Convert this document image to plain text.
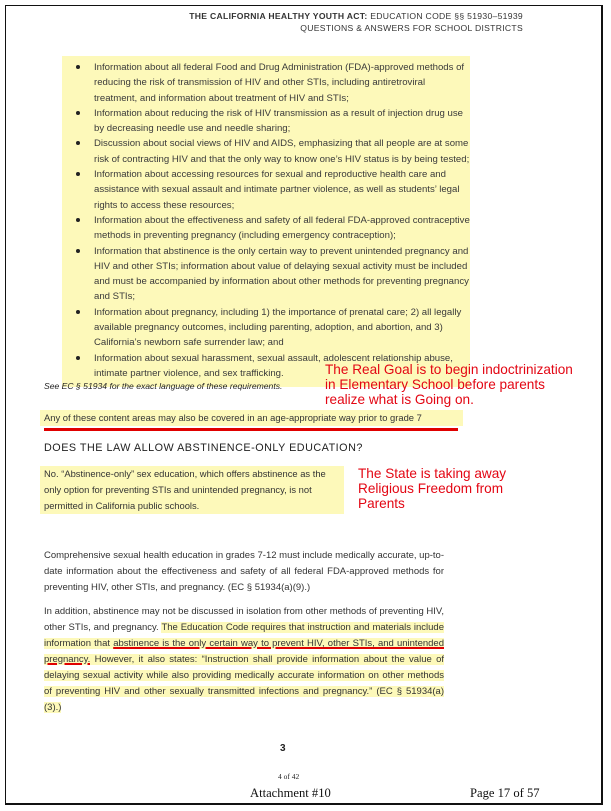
THE CALIFORNIA HEALTHY YOUTH ACT: EDUCATION CODE §§ 51930–51939
QUESTIONS & ANSWERS FOR SCHOOL DISTRICTS
Information about all federal Food and Drug Administration (FDA)-approved methods of reducing the risk of transmission of HIV and other STIs, including antiretroviral treatment, and information about treatment of HIV and STIs;
Information about reducing the risk of HIV transmission as a result of injection drug use by decreasing needle use and needle sharing;
Discussion about social views of HIV and AIDS, emphasizing that all people are at some risk of contracting HIV and that the only way to know one’s HIV status is by being tested;
Information about accessing resources for sexual and reproductive health care and assistance with sexual assault and intimate partner violence, as well as students’ legal rights to access these resources;
Information about the effectiveness and safety of all federal FDA-approved contraceptive methods in preventing pregnancy (including emergency contraception);
Information that abstinence is the only certain way to prevent unintended pregnancy and HIV and other STIs; information about value of delaying sexual activity must be included and must be accompanied by information about other methods for preventing pregnancy and STIs;
Information about pregnancy, including 1) the importance of prenatal care; 2) all legally available pregnancy outcomes, including parenting, adoption, and abortion, and 3) California’s newborn safe surrender law; and
Information about sexual harassment, sexual assault, adolescent relationship abuse, intimate partner violence, and sex trafficking.
See EC § 51934 for the exact language of these requirements.
The Real Goal is to begin indoctrinization in Elementary School before parents realize what is Going on.
Any of these content areas may also be covered in an age-appropriate way prior to grade 7
DOES THE LAW ALLOW ABSTINENCE-ONLY EDUCATION?
No. “Abstinence-only” sex education, which offers abstinence as the only option for preventing STIs and unintended pregnancy, is not permitted in California public schools.
The State is taking away Religious Freedom from Parents

Comprehensive sexual health education in grades 7-12 must include medically accurate, up-to-date information about the effectiveness and safety of all federal FDA-approved methods for preventing HIV, other STIs, and pregnancy. (EC § 51934(a)(9).)

In addition, abstinence may not be discussed in isolation from other methods of preventing HIV, other STIs, and pregnancy. The Education Code requires that instruction and materials include information that abstinence is the only certain way to prevent HIV, other STIs, and unintended pregnancy. However, it also states: “Instruction shall provide information about the value of delaying sexual activity while also providing medically accurate information on other methods of preventing HIV and other sexually transmitted infections and pregnancy.” (EC § 51934(a)(3).)

3
4 of 42
Attachment #10	Page 17 of 57
